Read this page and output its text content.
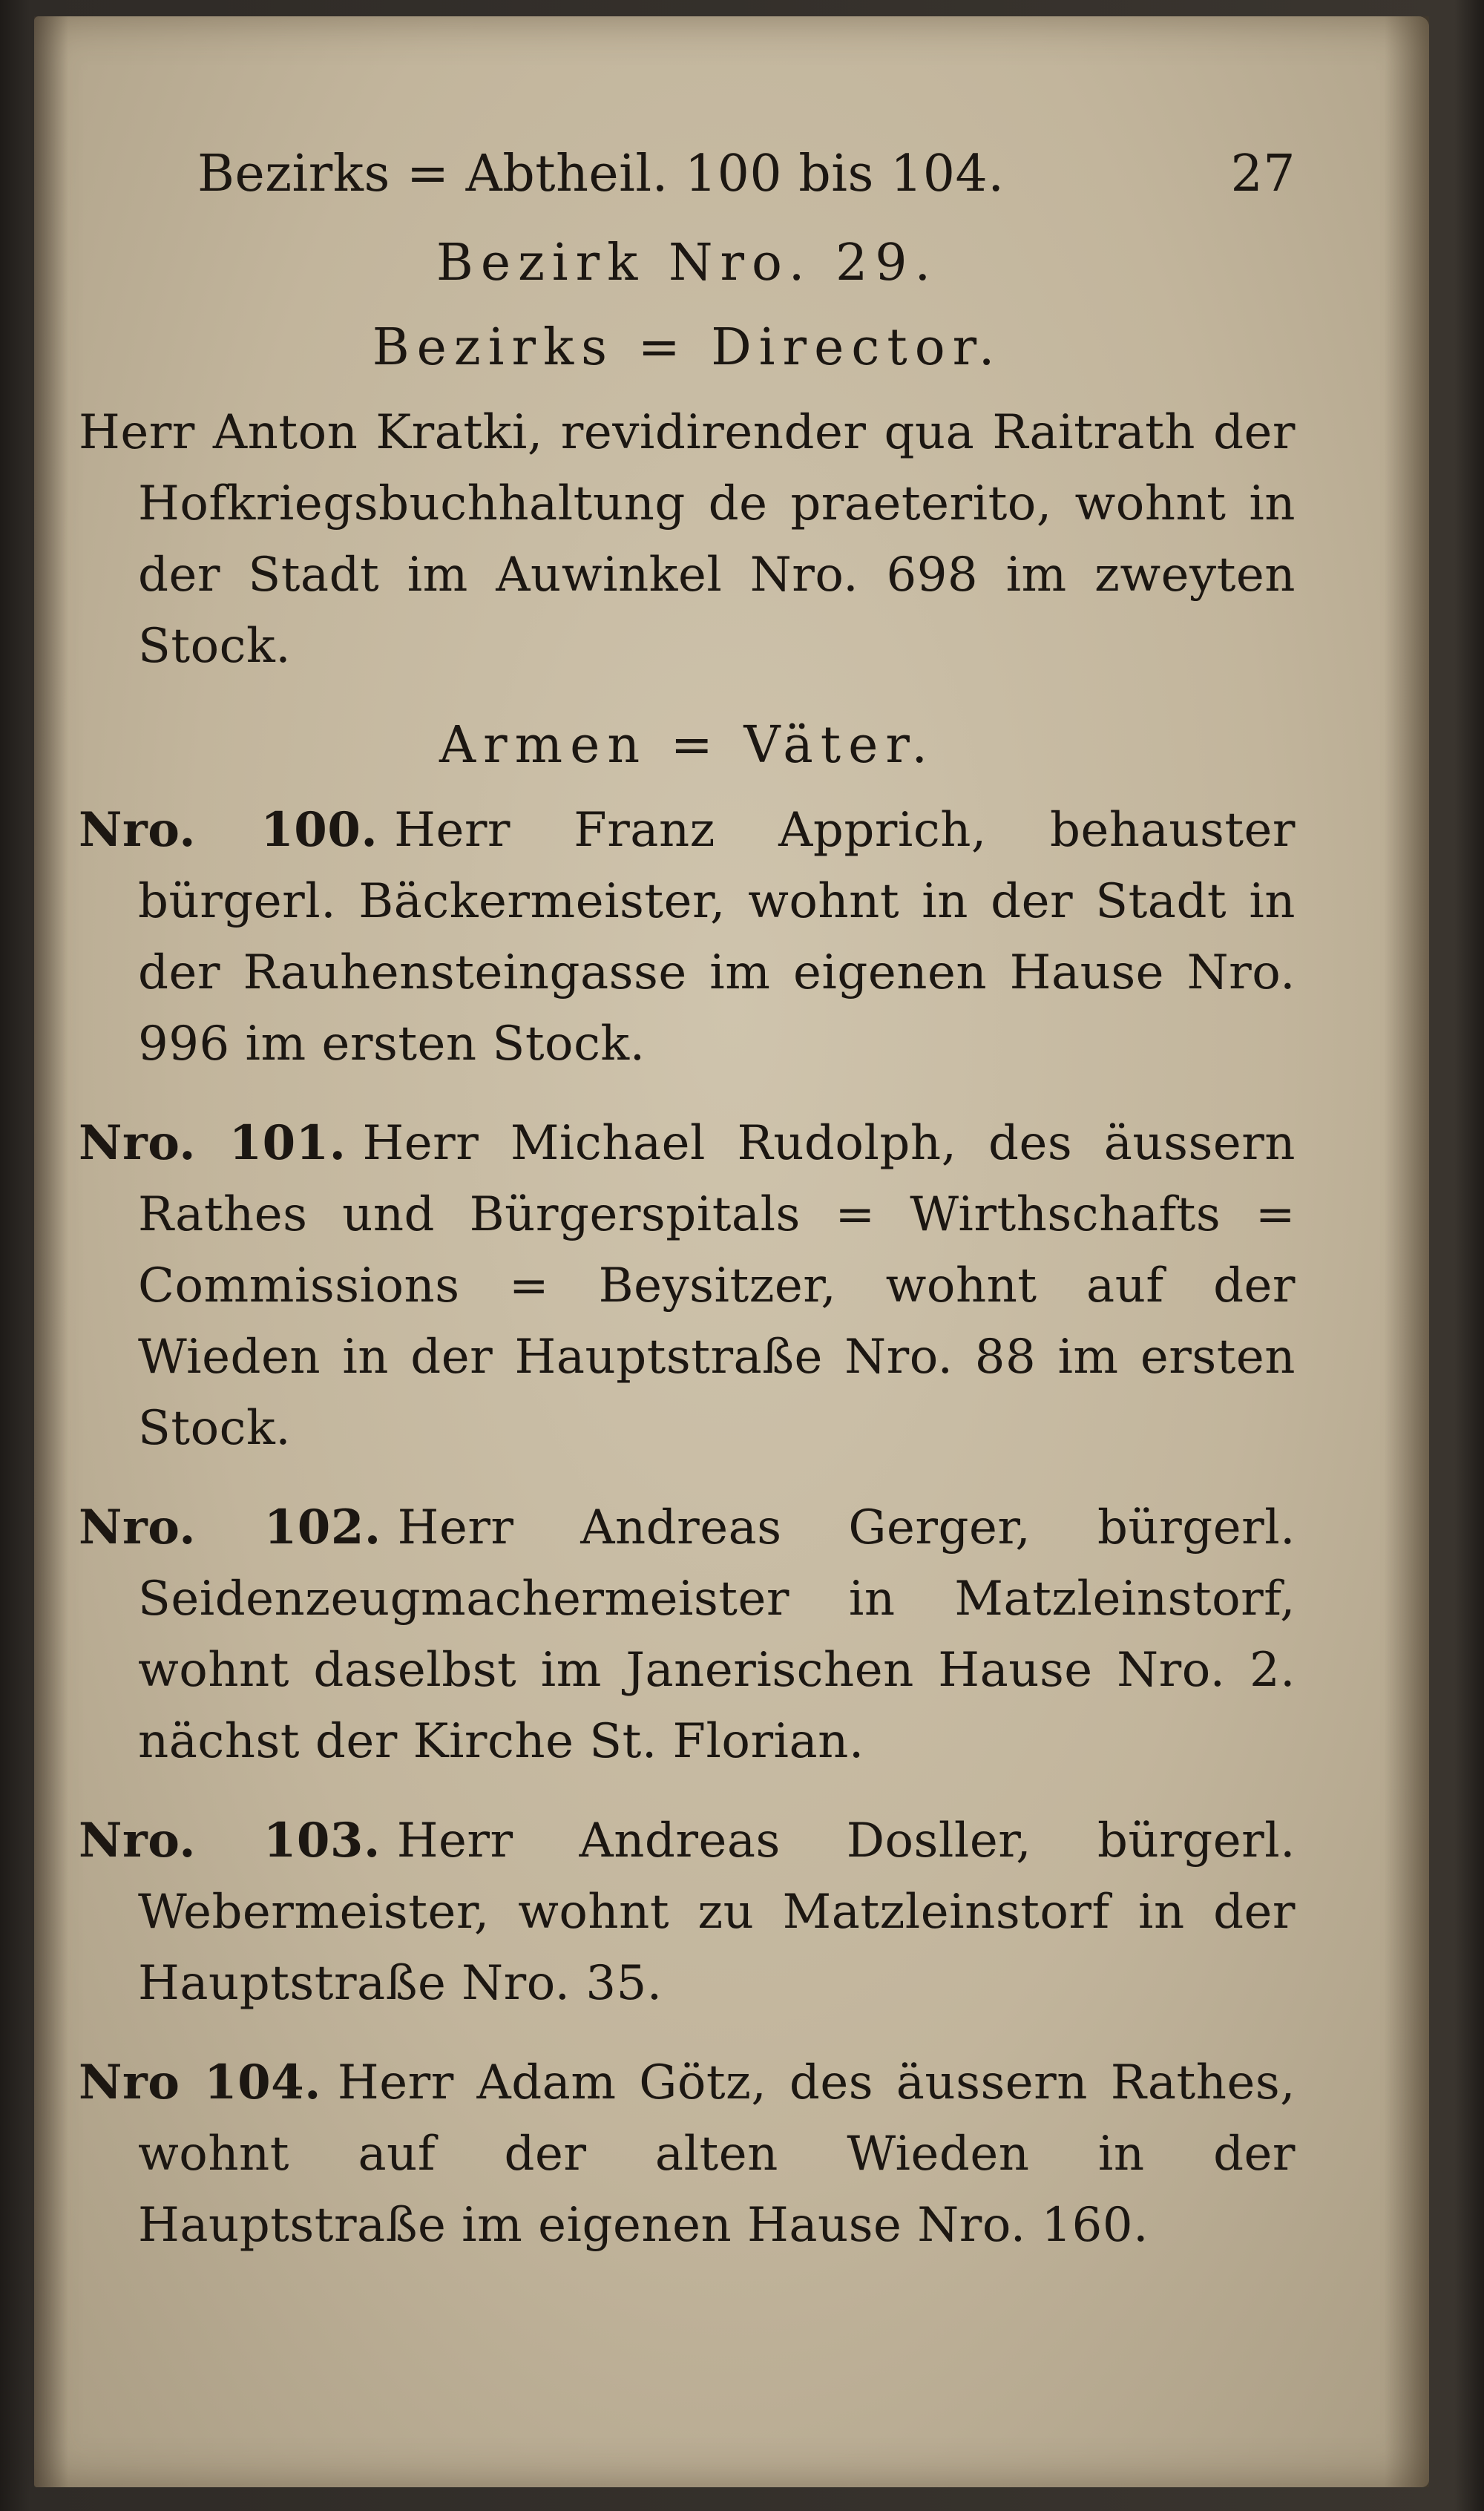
Bezirks = Abtheil. 100 bis 104.	27
Bezirk Nro. 29.
Bezirks = Director.

Herr Anton Kratki, revidirender qua Raitrath der Hofkriegsbuchhaltung de praeterito, wohnt in der Stadt im Auwinkel Nro. 698 im zweyten Stock.

Armen = Väter.

Nro. 100. Herr Franz Apprich, behauster bürgerl. Bäckermeister, wohnt in der Stadt in der Rauhensteingasse im eigenen Hause Nro. 996 im ersten Stock.

Nro. 101. Herr Michael Rudolph, des äussern Rathes und Bürgerspitals = Wirthschafts = Commissions = Beysitzer, wohnt auf der Wieden in der Hauptstraße Nro. 88 im ersten Stock.

Nro. 102. Herr Andreas Gerger, bürgerl. Seidenzeugmachermeister in Matzleinstorf, wohnt daselbst im Janerischen Hause Nro. 2. nächst der Kirche St. Florian.

Nro. 103. Herr Andreas Dosller, bürgerl. Webermeister, wohnt zu Matzleinstorf in der Hauptstraße Nro. 35.

Nro 104. Herr Adam Götz, des äussern Rathes, wohnt auf der alten Wieden in der Hauptstraße im eigenen Hause Nro. 160.
